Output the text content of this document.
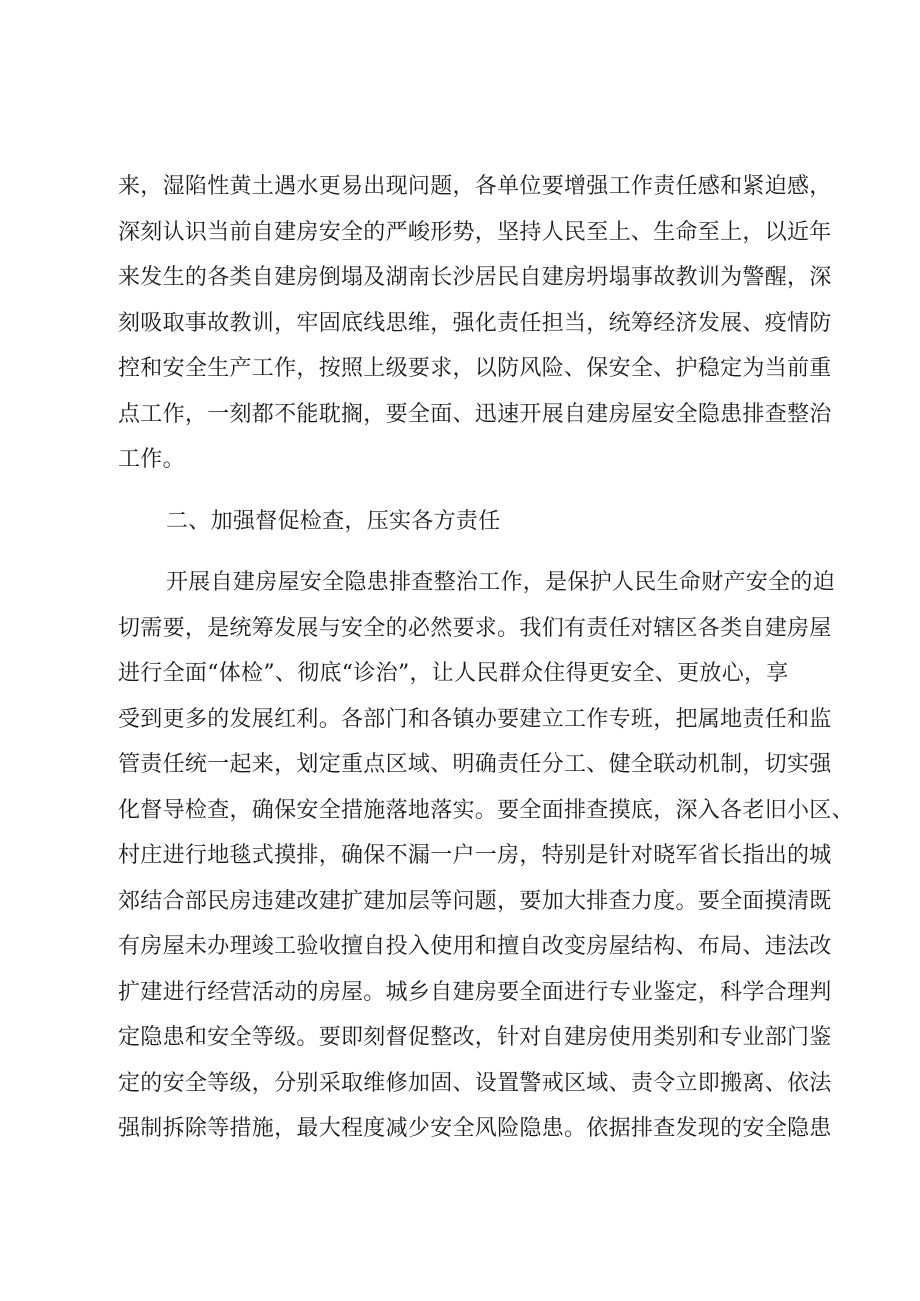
来，湿陷性黄土遇水更易出现问题，各单位要增强工作责任感和紧迫感，
深刻认识当前自建房安全的严峻形势，坚持人民至上、生命至上，以近年
来发生的各类自建房倒塌及湖南长沙居民自建房坍塌事故教训为警醒，深
刻吸取事故教训，牢固底线思维，强化责任担当，统筹经济发展、疫情防
控和安全生产工作，按照上级要求，以防风险、保安全、护稳定为当前重
点工作，一刻都不能耽搁，要全面、迅速开展自建房屋安全隐患排查整治
工作。
二、加强督促检查，压实各方责任
开展自建房屋安全隐患排查整治工作，是保护人民生命财产安全的迫
切需要，是统筹发展与安全的必然要求。我们有责任对辖区各类自建房屋
进行全面“体检”、彻底“诊治”，让人民群众住得更安全、更放心，享
受到更多的发展红利。各部门和各镇办要建立工作专班，把属地责任和监
管责任统一起来，划定重点区域、明确责任分工、健全联动机制，切实强
化督导检查，确保安全措施落地落实。要全面排查摸底，深入各老旧小区、
村庄进行地毯式摸排，确保不漏一户一房，特别是针对晓军省长指出的城
郊结合部民房违建改建扩建加层等问题，要加大排查力度。要全面摸清既
有房屋未办理竣工验收擅自投入使用和擅自改变房屋结构、布局、违法改
扩建进行经营活动的房屋。城乡自建房要全面进行专业鉴定，科学合理判
定隐患和安全等级。要即刻督促整改，针对自建房使用类别和专业部门鉴
定的安全等级，分别采取维修加固、设置警戒区域、责令立即搬离、依法
强制拆除等措施，最大程度减少安全风险隐患。依据排查发现的安全隐患
